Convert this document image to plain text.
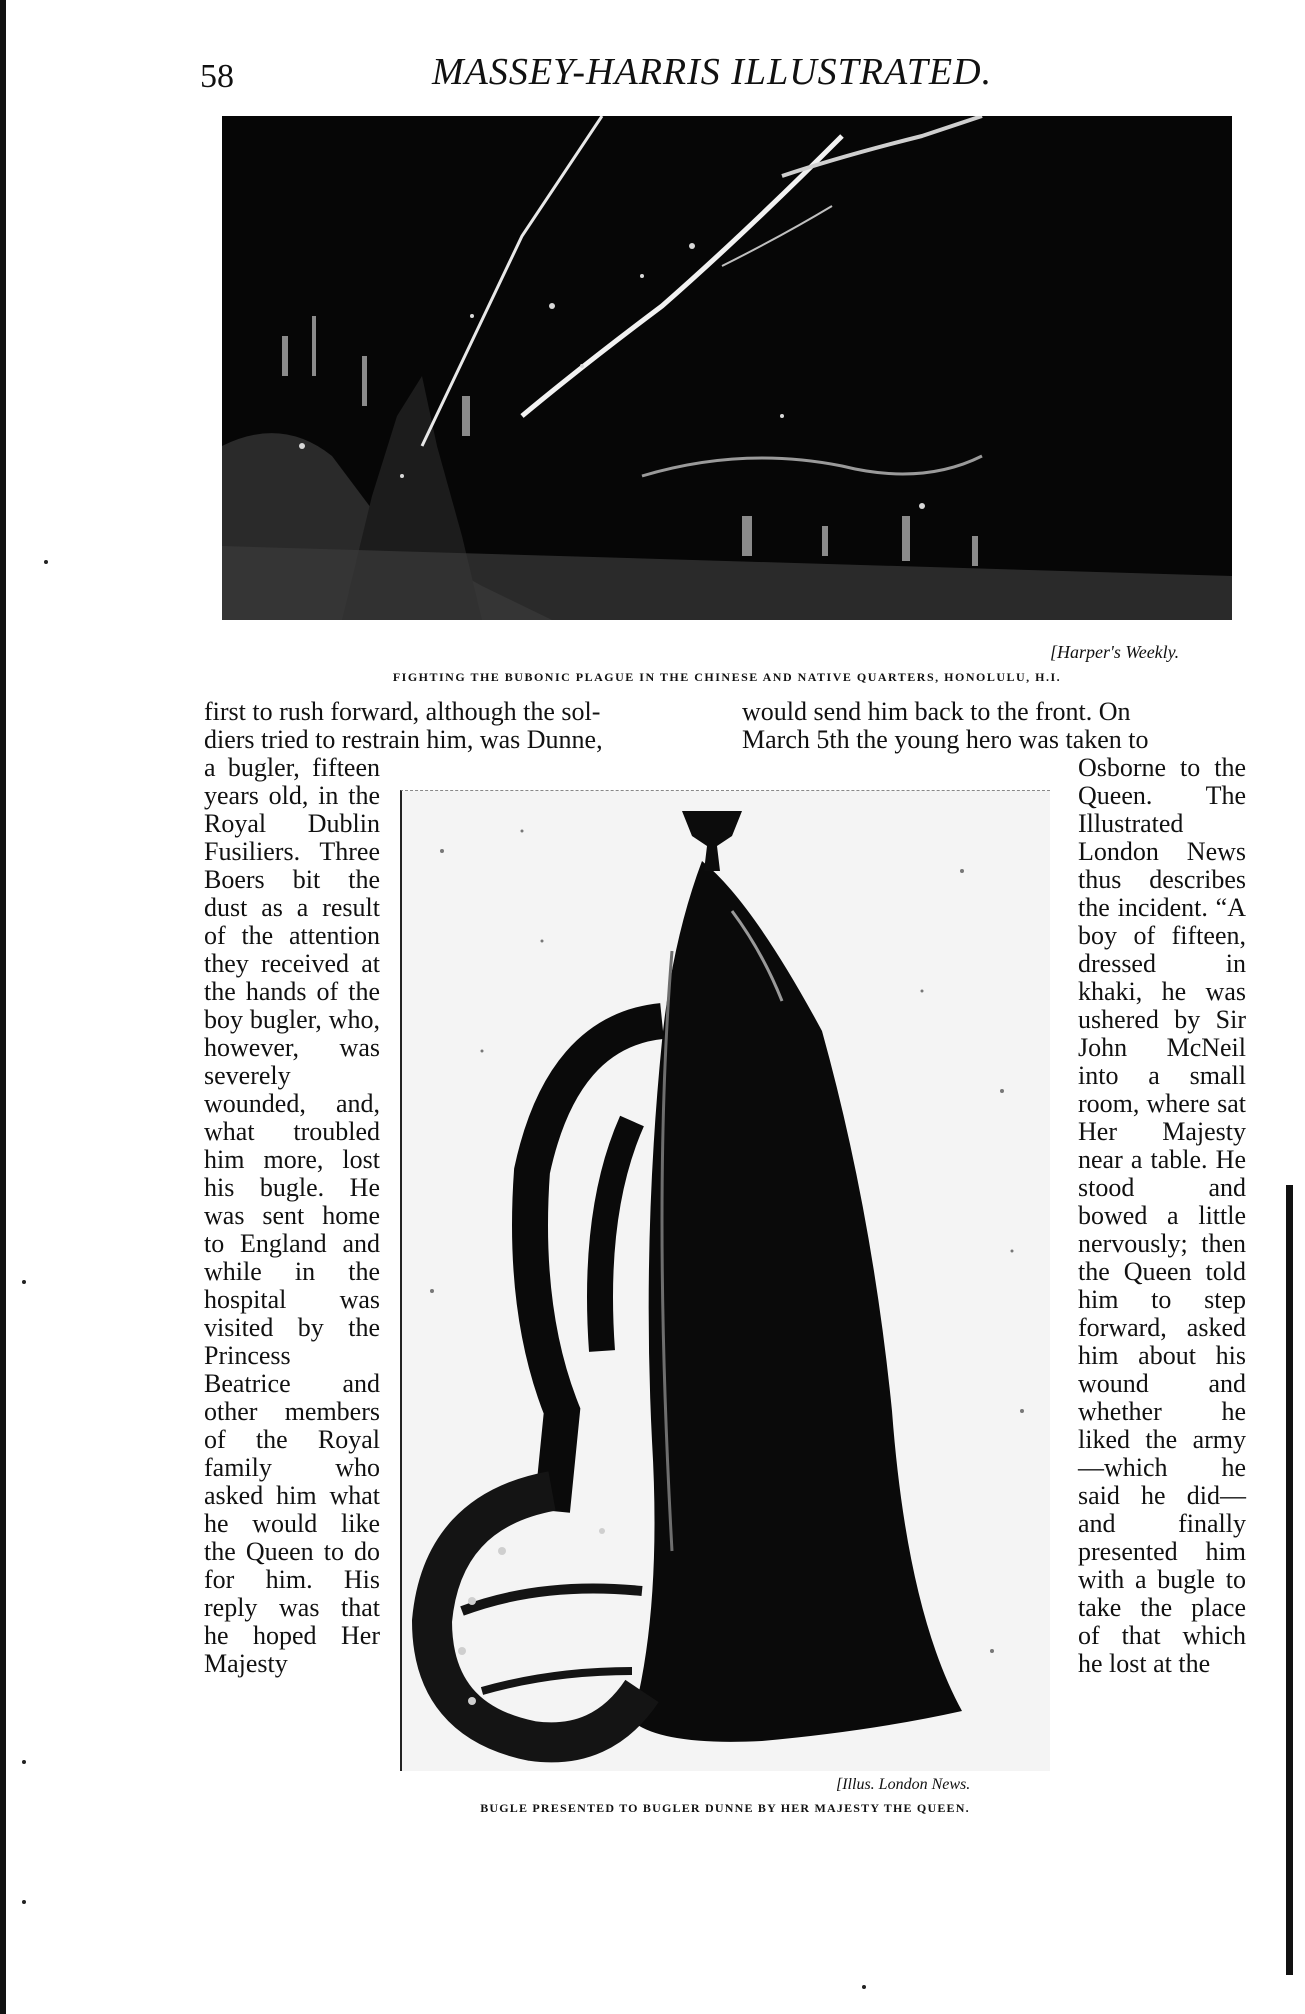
58	MASSEY-HARRIS ILLUSTRATED.
[Harper's Weekly.
FIGHTING THE BUBONIC PLAGUE IN THE CHINESE AND NATIVE QUARTERS, HONOLULU, H.I.
first to rush forward, although the sol-
diers tried to restrain him, was Dunne,
would send him back to the front. On
March 5th the young hero was taken to
a bugler, fifteen years old, in the Royal Dublin Fusiliers. Three Boers bit the dust as a result of the attention they received at the hands of the boy bugler, who, however, was severely wounded, and, what troubled him more, lost his bugle. He was sent home to England and while in the hospital was visited by the Princess Beatrice and other members of the Royal family who asked him what he would like the Queen to do for him. His reply was that he hoped Her Majesty
Osborne to the Queen. The Illustrated London News thus describes the incident. “A boy of fifteen, dressed in khaki, he was ushered by Sir John McNeil into a small room, where sat Her Majesty near a table. He stood and bowed a little nervously; then the Queen told him to step forward, asked him about his wound and whether he liked the army—which he said he did—and finally presented him with a bugle to take the place of that which he lost at the
[Illus. London News.
BUGLE PRESENTED TO BUGLER DUNNE BY HER MAJESTY THE QUEEN.
